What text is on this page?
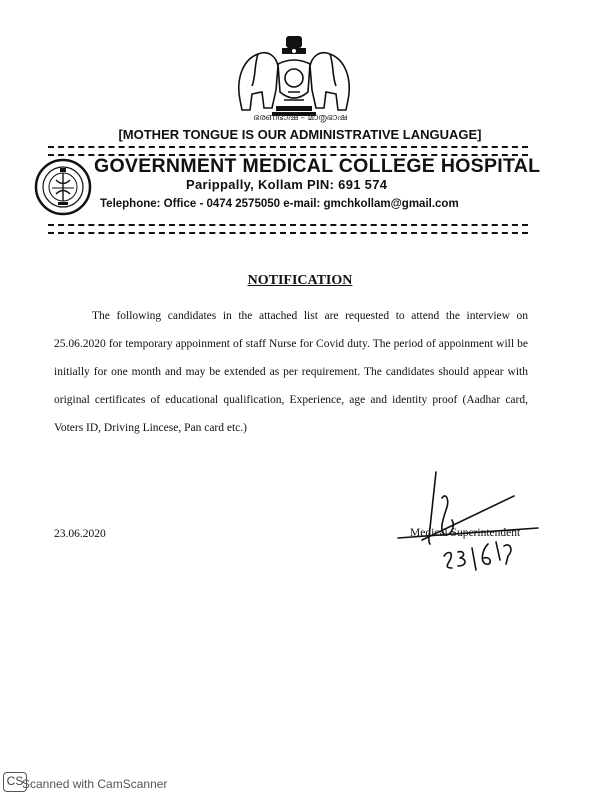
ഭരണഭാഷ – മാതൃഭാഷ
[MOTHER TONGUE IS OUR ADMINISTRATIVE LANGUAGE]
GOVERNMENT MEDICAL COLLEGE HOSPITAL
Parippally, Kollam PIN: 691 574
Telephone: Office - 0474 2575050 e-mail: gmchkollam@gmail.com
NOTIFICATION
The following candidates in the attached list are requested to attend the interview on 25.06.2020 for temporary appoinment of staff Nurse for Covid duty. The period of appoinment will be initially for one month and may be extended as per requirement. The candidates should appear with original certificates of educational qualification, Experience, age and identity proof (Aadhar card, Voters ID, Driving Lincese, Pan card etc.)
23.06.2020	Medical Superintendent
CS
Scanned with CamScanner
